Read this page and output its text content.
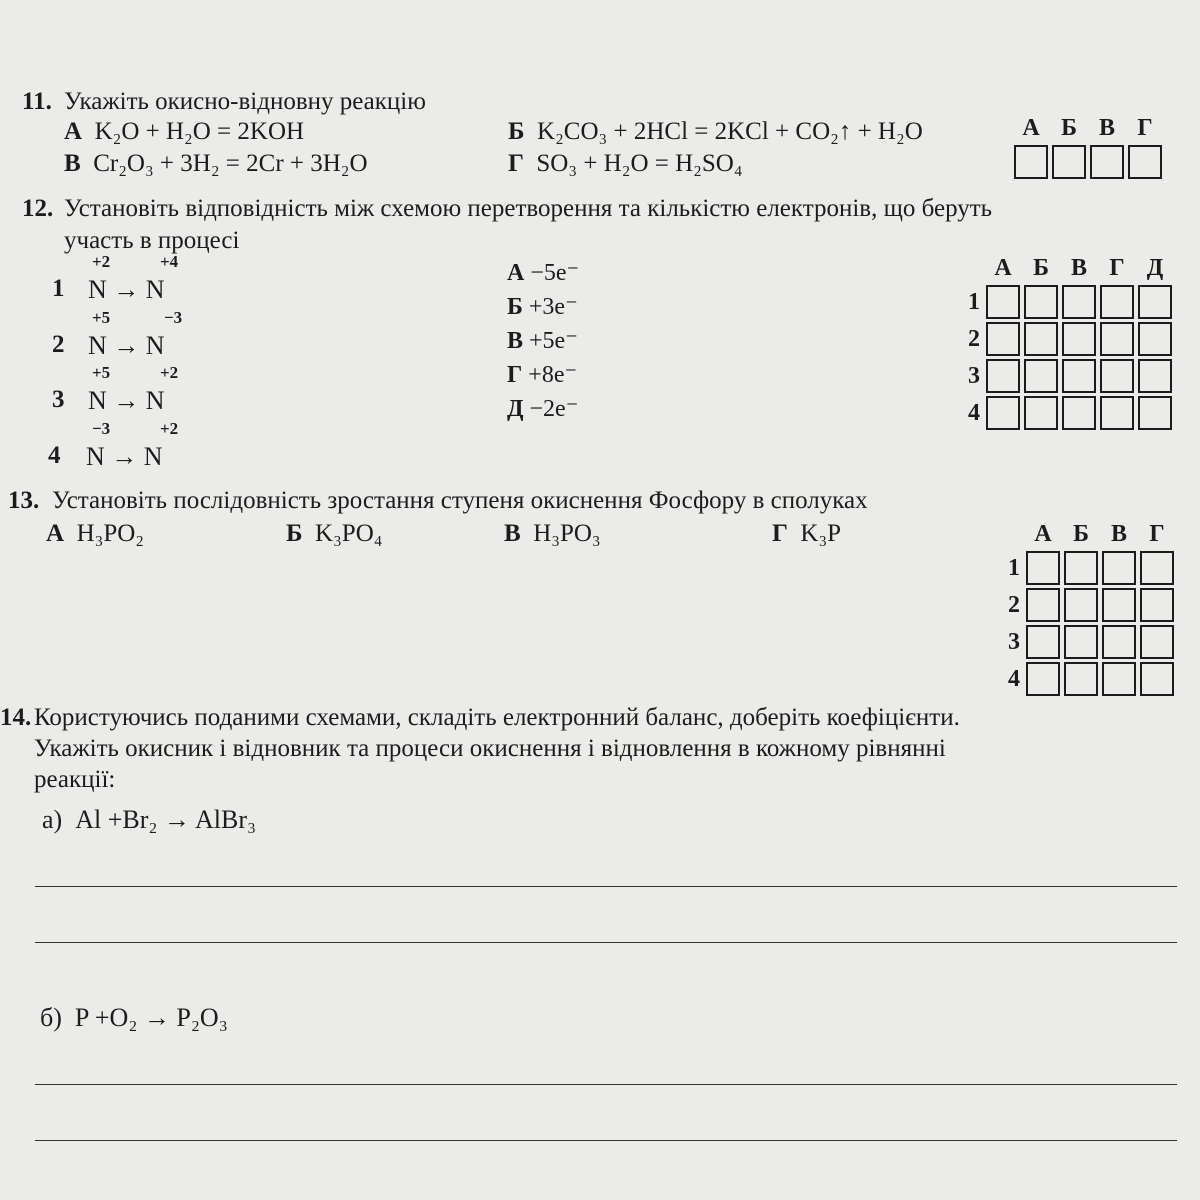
11. Укажіть окисно-відновну реакцію
А K₂O + H₂O = 2KOH	Б K₂CO₃ + 2HCl = 2KCl + CO₂↑ + H₂O
В Cr₂O₃ + 3H₂ = 2Cr + 3H₂O	Г SO₃ + H₂O = H₂SO₄
А	Б	В	Г

12. Установіть відповідність між схемою перетворення та кількістю електронів, що беруть
участь в процесі
+2	+4
1 N → N
+5	−3
2 N → N
+5	+2
3 N → N
−3	+2
4 N → N
А −5e⁻
Б +3e⁻
В +5e⁻
Г +8e⁻
Д −2e⁻
	А	Б	В	Г	Д
1					
2					
3					
4					
13. Установіть послідовність зростання ступеня окиснення Фосфору в сполуках
А H₃PO₂	Б K₃PO₄	В H₃PO₃	Г K₃P
		А	Б	В	Г
1				
2				
3				
4				
14. Користуючись поданими схемами, складіть електронний баланс, доберіть коефіцієнти.
Укажіть окисник і відновник та процеси окиснення і відновлення в кожному рівнянні
реакції:
а) Al +Br₂ → AlBr₃
б) P +O₂ → P₂O₃
